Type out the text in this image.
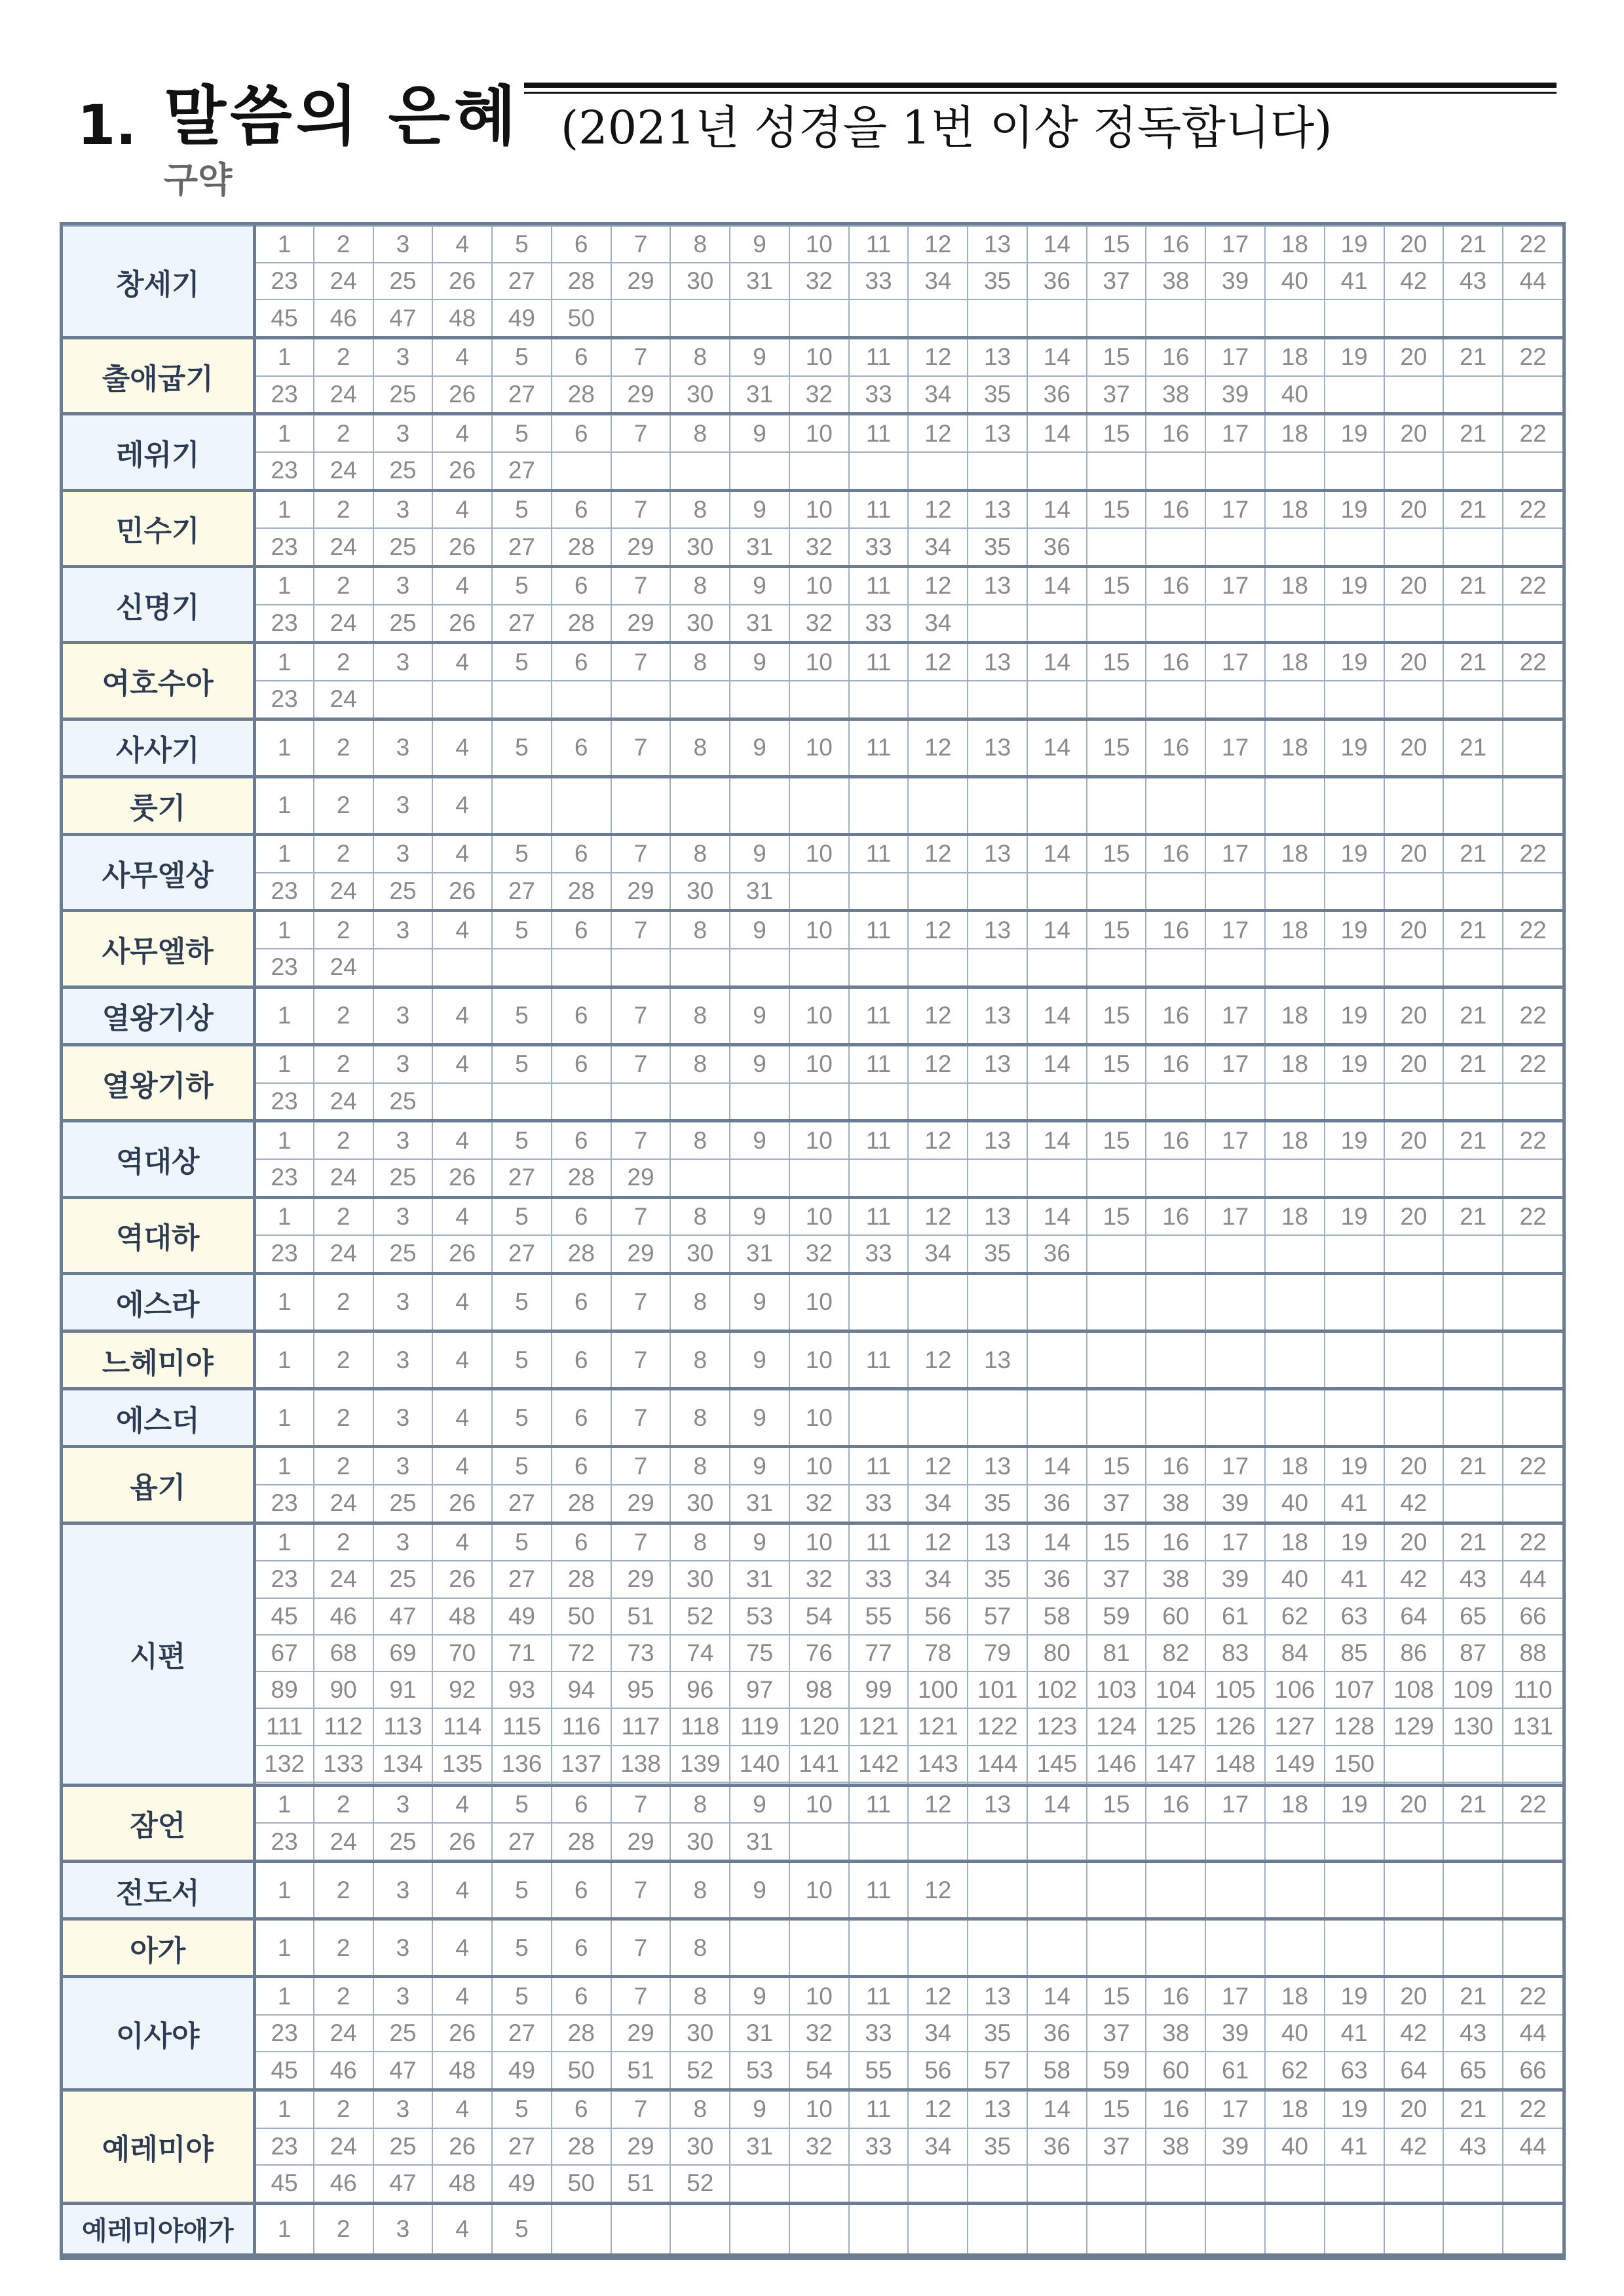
1. 말씀의 은혜 (2021년 성경을 1번 이상 정독합니다)
구약
창세기	1	2	3	4	5	6	7	8	9	10	11	12	13	14	15	16	17	18	19	20	21	22
	23	24	25	26	27	28	29	30	31	32	33	34	35	36	37	38	39	40	41	42	43	44
	45	46	47	48	49	50																
출애굽기	1	2	3	4	5	6	7	8	9	10	11	12	13	14	15	16	17	18	19	20	21	22
	23	24	25	26	27	28	29	30	31	32	33	34	35	36	37	38	39	40				
레위기	1	2	3	4	5	6	7	8	9	10	11	12	13	14	15	16	17	18	19	20	21	22
	23	24	25	26	27																	
민수기	1	2	3	4	5	6	7	8	9	10	11	12	13	14	15	16	17	18	19	20	21	22
	23	24	25	26	27	28	29	30	31	32	33	34	35	36								
신명기	1	2	3	4	5	6	7	8	9	10	11	12	13	14	15	16	17	18	19	20	21	22
	23	24	25	26	27	28	29	30	31	32	33	34										
여호수아	1	2	3	4	5	6	7	8	9	10	11	12	13	14	15	16	17	18	19	20	21	22
	23	24																				
사사기	1	2	3	4	5	6	7	8	9	10	11	12	13	14	15	16	17	18	19	20	21	
룻기	1	2	3	4																		
사무엘상	1	2	3	4	5	6	7	8	9	10	11	12	13	14	15	16	17	18	19	20	21	22
	23	24	25	26	27	28	29	30	31													
사무엘하	1	2	3	4	5	6	7	8	9	10	11	12	13	14	15	16	17	18	19	20	21	22
	23	24																				
열왕기상	1	2	3	4	5	6	7	8	9	10	11	12	13	14	15	16	17	18	19	20	21	22
열왕기하	1	2	3	4	5	6	7	8	9	10	11	12	13	14	15	16	17	18	19	20	21	22
	23	24	25																			
역대상	1	2	3	4	5	6	7	8	9	10	11	12	13	14	15	16	17	18	19	20	21	22
	23	24	25	26	27	28	29															
역대하	1	2	3	4	5	6	7	8	9	10	11	12	13	14	15	16	17	18	19	20	21	22
	23	24	25	26	27	28	29	30	31	32	33	34	35	36								
에스라	1	2	3	4	5	6	7	8	9	10												
느헤미야	1	2	3	4	5	6	7	8	9	10	11	12	13									
에스더	1	2	3	4	5	6	7	8	9	10												
욥기	1	2	3	4	5	6	7	8	9	10	11	12	13	14	15	16	17	18	19	20	21	22
	23	24	25	26	27	28	29	30	31	32	33	34	35	36	37	38	39	40	41	42		
시편	1	2	3	4	5	6	7	8	9	10	11	12	13	14	15	16	17	18	19	20	21	22
	23	24	25	26	27	28	29	30	31	32	33	34	35	36	37	38	39	40	41	42	43	44
	45	46	47	48	49	50	51	52	53	54	55	56	57	58	59	60	61	62	63	64	65	66
	67	68	69	70	71	72	73	74	75	76	77	78	79	80	81	82	83	84	85	86	87	88
	89	90	91	92	93	94	95	96	97	98	99	100	101	102	103	104	105	106	107	108	109	110
	111	112	113	114	115	116	117	118	119	120	121	121	122	123	124	125	126	127	128	129	130	131
	132	133	134	135	136	137	138	139	140	141	142	143	144	145	146	147	148	149	150			

잠언	1	2	3	4	5	6	7	8	9	10	11	12	13	14	15	16	17	18	19	20	21	22
	23	24	25	26	27	28	29	30	31													
전도서	1	2	3	4	5	6	7	8	9	10	11	12										
아가	1	2	3	4	5	6	7	8														
이사야	1	2	3	4	5	6	7	8	9	10	11	12	13	14	15	16	17	18	19	20	21	22
	23	24	25	26	27	28	29	30	31	32	33	34	35	36	37	38	39	40	41	42	43	44
	45	46	47	48	49	50	51	52	53	54	55	56	57	58	59	60	61	62	63	64	65	66
예레미야	1	2	3	4	5	6	7	8	9	10	11	12	13	14	15	16	17	18	19	20	21	22
	23	24	25	26	27	28	29	30	31	32	33	34	35	36	37	38	39	40	41	42	43	44
	45	46	47	48	49	50	51	52														
예레미야애가	1	2	3	4	5																	
